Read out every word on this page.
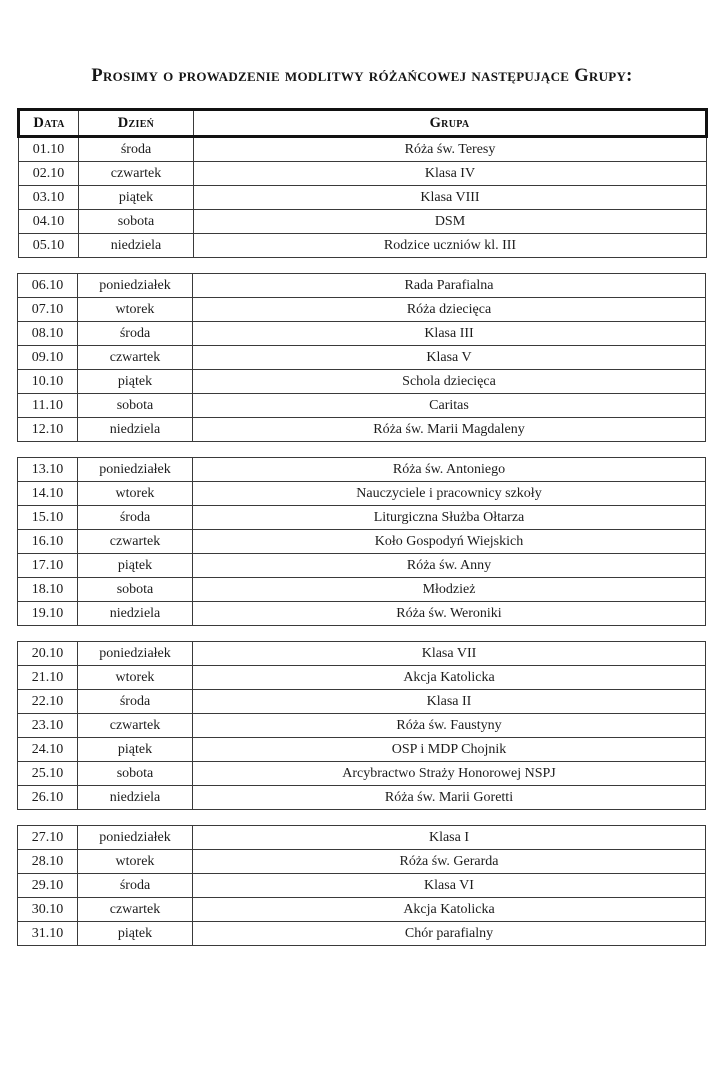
Prosimy o prowadzenie modlitwy różańcowej następujące Grupy:
Data	Dzień	Grupa
01.10	środa	Róża św. Teresy
02.10	czwartek	Klasa IV
03.10	piątek	Klasa VIII
04.10	sobota	DSM
05.10	niedziela	Rodzice uczniów kl. III
06.10	poniedziałek	Rada Parafialna
07.10	wtorek	Róża dziecięca
08.10	środa	Klasa III
09.10	czwartek	Klasa V
10.10	piątek	Schola dziecięca
11.10	sobota	Caritas
12.10	niedziela	Róża św. Marii Magdaleny
13.10	poniedziałek	Róża św. Antoniego
14.10	wtorek	Nauczyciele i pracownicy szkoły
15.10	środa	Liturgiczna Służba Ołtarza
16.10	czwartek	Koło Gospodyń Wiejskich
17.10	piątek	Róża św. Anny
18.10	sobota	Młodzież
19.10	niedziela	Róża św. Weroniki
20.10	poniedziałek	Klasa VII
21.10	wtorek	Akcja Katolicka
22.10	środa	Klasa II
23.10	czwartek	Róża św. Faustyny
24.10	piątek	OSP i MDP Chojnik
25.10	sobota	Arcybractwo Straży Honorowej NSPJ
26.10	niedziela	Róża św. Marii Goretti
27.10	poniedziałek	Klasa I
28.10	wtorek	Róża św. Gerarda
29.10	środa	Klasa VI
30.10	czwartek	Akcja Katolicka
31.10	piątek	Chór parafialny
